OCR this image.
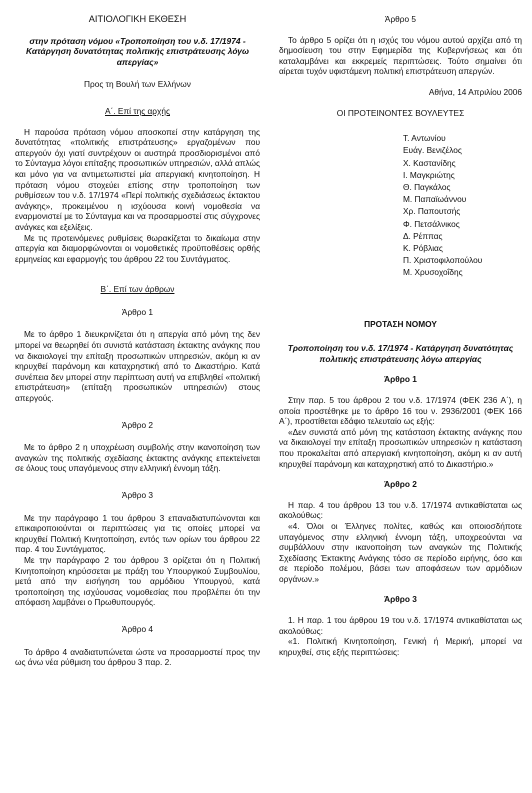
ΑΙΤΙΟΛΟΓΙΚΗ ΕΚΘΕΣΗ

στην πρόταση νόμου «Τροποποίηση του ν.δ. 17/1974 - Κατάργηση δυνατότητας πολιτικής επιστράτευσης λόγω απεργίας»

Προς τη Βουλή των Ελλήνων

Α΄. Επί της αρχής

Η παρούσα πρόταση νόμου αποσκοπεί στην κατάργηση της δυνατότητας «πολιτικής επιστράτευσης» εργαζομένων που απεργούν όχι γιατί συντρέχουν οι αυστηρά προσδιορισμένοι από το Σύνταγμα λόγοι επίταξης προσωπικών υπηρεσιών, αλλά απλώς και μόνο για να αντιμετωπιστεί μία απεργιακή κινητοποίηση. Η πρόταση νόμου στοχεύει επίσης στην τροποποίηση των ρυθμίσεων του ν.δ. 17/1974 «Περί πολιτικής σχεδιάσεως έκτακτου ανάγκης», προκειμένου η ισχύουσα κοινή νομοθεσία να εναρμονιστεί με το Σύνταγμα και να προσαρμοστεί στις σύγχρονες ανάγκες και εξελίξεις.

Με τις προτεινόμενες ρυθμίσεις θωρακίζεται το δικαίωμα στην απεργία και διαμορφώνονται οι νομοθετικές προϋποθέσεις ορθής ερμηνείας και εφαρμογής του άρθρου 22 του Συντάγματος.

Β΄. Επί των άρθρων

Άρθρο 1

Με το άρθρο 1 διευκρινίζεται ότι η απεργία από μόνη της δεν μπορεί να θεωρηθεί ότι συνιστά κατάσταση έκτακτης ανάγκης που να δικαιολογεί την επίταξη προσωπικών υπηρεσιών, ακόμη κι αν κηρυχθεί παράνομη και καταχρηστική από το Δικαστήριο. Κατά συνέπεια δεν μπορεί στην περίπτωση αυτή να επιβληθεί «πολιτική επιστράτευση» (επίταξη προσωπικών υπηρεσιών) στους απεργούς.

Άρθρο 2

Με το άρθρο 2 η υποχρέωση συμβολής στην ικανοποίηση των αναγκών της πολιτικής σχεδίασης έκτακτης ανάγκης επεκτείνεται σε όλους τους υπαγόμενους στην ελληνική έννομη τάξη.

Άρθρο 3

Με την παράγραφο 1 του άρθρου 3 επαναδιατυπώνονται και επικαιροποιούνται οι περιπτώσεις για τις οποίες μπορεί να κηρυχθεί Πολιτική Κινητοποίηση, εντός των ορίων του άρθρου 22 παρ. 4 του Συντάγματος.

Με την παράγραφο 2 του άρθρου 3 ορίζεται ότι η Πολιτική Κινητοποίηση κηρύσσεται με πράξη του Υπουργικού Συμβουλίου, μετά από την εισήγηση του αρμόδιου Υπουργού, κατά τροποποίηση της ισχύουσας νομοθεσίας που προβλέπει ότι την απόφαση λαμβάνει ο Πρωθυπουργός.

Άρθρο 4

Το άρθρο 4 αναδιατυπώνεται ώστε να προσαρμοστεί προς την ως άνω νέα ρύθμιση του άρθρου 3 παρ. 2.

Άρθρο 5

Το άρθρο 5 ορίζει ότι η ισχύς του νόμου αυτού αρχίζει από τη δημοσίευση του στην Εφημερίδα της Κυβερνήσεως και ότι καταλαμβάνει και εκκρεμείς περιπτώσεις. Τούτο σημαίνει ότι αίρεται τυχόν υφιστάμενη πολιτική επιστράτευση απεργών.

Αθήνα, 14 Απριλίου 2006

ΟΙ ΠΡΟΤΕΙΝΟΝΤΕΣ ΒΟΥΛΕΥΤΕΣ

Τ. Αντωνίου
Ευάγ. Βενιζέλος
Χ. Καστανίδης
Ι. Μαγκριώτης
Θ. Παγκάλος
Μ. Παπαϊωάννου
Χρ. Παπουτσής
Φ. Πετσάλνικος
Δ. Ρέππας
Κ. Ρόβλιας
Π. Χριστοφιλοπούλου
Μ. Χρυσοχοΐδης

ΠΡΟΤΑΣΗ ΝΟΜΟΥ

Τροποποίηση του ν.δ. 17/1974 - Κατάργηση δυνατότητας πολιτικής επιστράτευσης λόγω απεργίας

Άρθρο 1

Στην παρ. 5 του άρθρου 2 του ν.δ. 17/1974 (ΦΕΚ 236 Α΄), η οποία προστέθηκε με το άρθρο 16 του ν. 2936/2001 (ΦΕΚ 166 Α΄), προστίθεται εδάφιο τελευταίο ως εξής:

«Δεν συνιστά από μόνη της κατάσταση έκτακτης ανάγκης που να δικαιολογεί την επίταξη προσωπικών υπηρεσιών η κατάσταση που προκαλείται από απεργιακή κινητοποίηση, ακόμη κι αν αυτή κηρυχθεί παράνομη και καταχρηστική από το Δικαστήριο.»

Άρθρο 2

Η παρ. 4 του άρθρου 13 του ν.δ. 17/1974 αντικαθίσταται ως ακολούθως:

«4. Όλοι οι Έλληνες πολίτες, καθώς και οποιοσδήποτε υπαγόμενος στην ελληνική έννομη τάξη, υποχρεούνται να συμβάλλουν στην ικανοποίηση των αναγκών της Πολιτικής Σχεδίασης Έκτακτης Ανάγκης τόσο σε περίοδο ειρήνης, όσο και σε περίοδο πολέμου, βάσει των αποφάσεων των αρμόδιων οργάνων.»

Άρθρο 3

1. Η παρ. 1 του άρθρου 19 του ν.δ. 17/1974 αντικαθίσταται ως ακολούθως:

«1. Πολιτική Κινητοποίηση, Γενική ή Μερική, μπορεί να κηρυχθεί, στις εξής περιπτώσεις:
